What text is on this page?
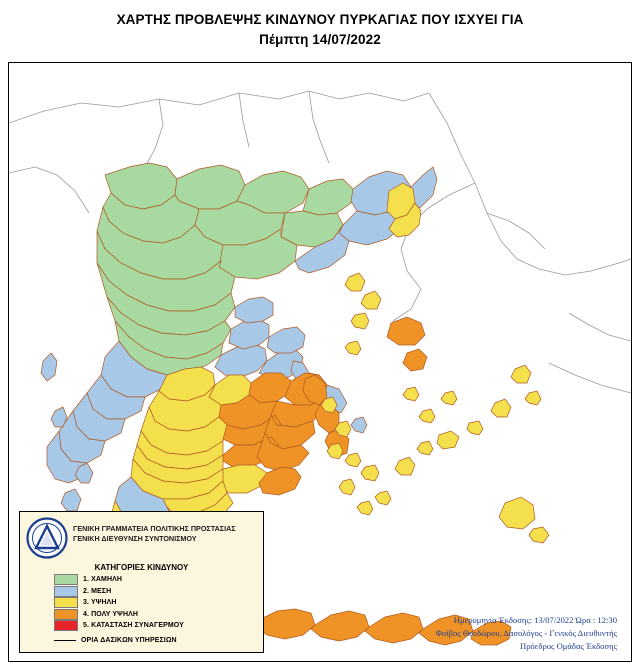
ΧΑΡΤΗΣ ΠΡΟΒΛΕΨΗΣ ΚΙΝΔΥΝΟΥ ΠΥΡΚΑΓΙΑΣ ΠΟΥ ΙΣΧΥΕΙ ΓΙΑ
Πέμπτη 14/07/2022
ΓΕΝΙΚΗ ΓΡΑΜΜΑΤΕΙΑ ΠΟΛΙΤΙΚΗΣ ΠΡΟΣΤΑΣΙΑΣ
ΓΕΝΙΚΗ ΔΙΕΥΘΥΝΣΗ ΣΥΝΤΟΝΙΣΜΟΥ
ΚΑΤΗΓΟΡΙΕΣ ΚΙΝΔΥΝΟΥ
1. ΧΑΜΗΛΗ
2. ΜΕΣΗ
3. ΥΨΗΛΗ
4. ΠΟΛΥ ΥΨΗΛΗ
5. ΚΑΤΑΣΤΑΣΗ ΣΥΝΑΓΕΡΜΟΥ
ΟΡΙΑ ΔΑΣΙΚΩΝ ΥΠΗΡΕΣΙΩΝ
Ημερομηνία Έκδοσης: 13/07/2022 Ώρα : 12:30
Φοίβος Θεοδώρου, Δασολόγος - Γενικός Διευθυντής
Πρόεδρος Ομάδας Έκδοσης
